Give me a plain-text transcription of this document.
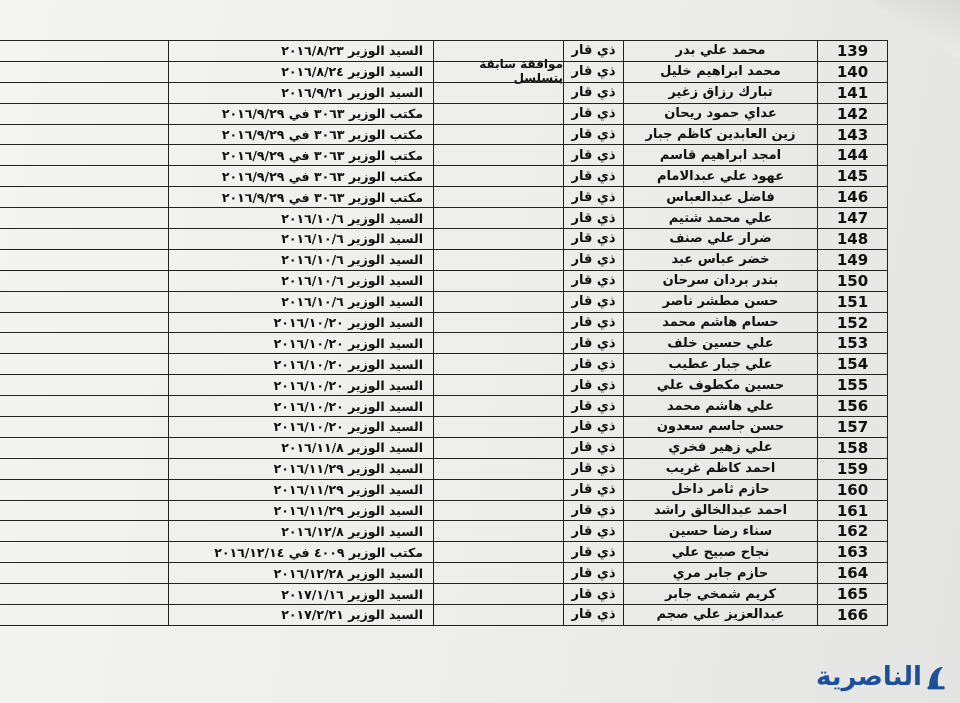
139
محمد علي بدر
ذي قار
السيد الوزير ٢٠١٦/٨/٢٣
140
محمد ابراهيم خليل
ذي قار
السيد الوزير ٢٠١٦/٨/٢٤
141
تبارك رزاق زغير
ذي قار
السيد الوزير ٢٠١٦/٩/٢١
142
عداي حمود ريحان
ذي قار
مكتب الوزير ٣٠٦٣ في ٢٠١٦/٩/٢٩
143
زين العابدين كاظم جبار
ذي قار
مكتب الوزير ٣٠٦٣ في ٢٠١٦/٩/٢٩
144
امجد ابراهيم قاسم
ذي قار
مكتب الوزير ٣٠٦٣ في ٢٠١٦/٩/٢٩
145
عهود علي عبدالامام
ذي قار
مكتب الوزير ٣٠٦٣ في ٢٠١٦/٩/٢٩
146
فاضل عبدالعباس
ذي قار
مكتب الوزير ٣٠٦٣ في ٢٠١٦/٩/٢٩
147
علي محمد شتيم
ذي قار
السيد الوزير ٢٠١٦/١٠/٦
148
ضرار علي صنف
ذي قار
السيد الوزير ٢٠١٦/١٠/٦
149
خضر عباس عبد
ذي قار
السيد الوزير ٢٠١٦/١٠/٦
150
بندر بردان سرحان
ذي قار
السيد الوزير ٢٠١٦/١٠/٦
151
حسن مطشر ناصر
ذي قار
السيد الوزير ٢٠١٦/١٠/٦
152
حسام هاشم محمد
ذي قار
السيد الوزير ٢٠١٦/١٠/٢٠
153
علي حسين خلف
ذي قار
السيد الوزير ٢٠١٦/١٠/٢٠
154
علي جبار عطيب
ذي قار
السيد الوزير ٢٠١٦/١٠/٢٠
155
حسين مكطوف علي
ذي قار
السيد الوزير ٢٠١٦/١٠/٢٠
156
علي هاشم محمد
ذي قار
السيد الوزير ٢٠١٦/١٠/٢٠
157
حسن جاسم سعدون
ذي قار
السيد الوزير ٢٠١٦/١٠/٢٠
158
علي زهير فخري
ذي قار
السيد الوزير ٢٠١٦/١١/٨
159
احمد كاظم غريب
ذي قار
السيد الوزير ٢٠١٦/١١/٢٩
160
حازم ثامر داخل
ذي قار
السيد الوزير ٢٠١٦/١١/٢٩
161
احمد عبدالخالق راشد
ذي قار
السيد الوزير ٢٠١٦/١١/٢٩
162
سناء رضا حسين
ذي قار
السيد الوزير ٢٠١٦/١٢/٨
163
نجاح صبيح علي
ذي قار
مكتب الوزير ٤٠٠٩ في ٢٠١٦/١٢/١٤
164
حازم جابر مري
ذي قار
السيد الوزير ٢٠١٦/١٢/٢٨
165
كريم شمخي جابر
ذي قار
السيد الوزير ٢٠١٧/١/١٦
166
عبدالعزيز علي صجم
ذي قار
السيد الوزير ٢٠١٧/٢/٢١
موافقة سابقة بتسلسل
الناصرية
